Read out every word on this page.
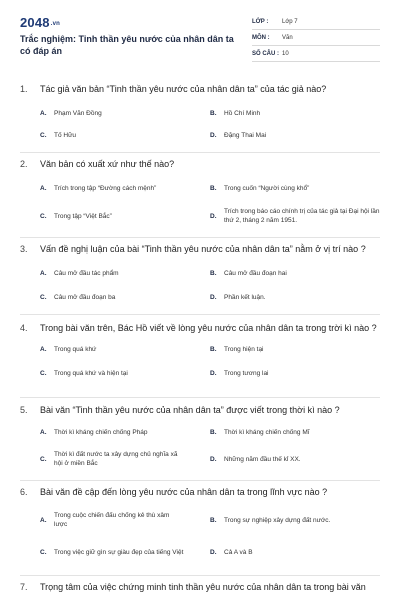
2048.vn
Trắc nghiệm: Tinh thần yêu nước của nhân dân ta có đáp án
LỚP :	Lớp 7
MÔN :	Văn
SỐ CÂU : 10
1.	Tác giả văn bản “Tinh thần yêu nước của nhân dân ta” của tác giả nào?
A.	Phạm Văn Đồng	B.	Hồ Chí Minh
C.	Tố Hữu	D.	Đặng Thai Mai
2.	Văn bản có xuất xứ như thế nào?
A.	Trích trong tập “Đường cách mệnh”	B.	Trong cuốn “Người cùng khổ”
C.	Trong tập “Việt Bắc”	D.
Trích trong báo cáo chính trị của tác giả tại Đại hội lần thứ 2, tháng 2 năm 1951.
3.	Vấn đề nghị luận của bài “Tinh thần yêu nước của nhân dân ta” nằm ở vị trí nào ?
A.	Câu mở đầu tác phẩm	B.	Câu mở đầu đoạn hai
C.	Câu mở đầu đoạn ba	D.	Phần kết luận.
4.	Trong bài văn trên, Bác Hồ viết về lòng yêu nước của nhân dân ta trong trời kì nào ?
A.	Trong quá khứ	B.	Trong hiện tại
C.	Trong quá khứ và hiện tại	D.	Trong tương lai
5.	Bài văn “Tinh thần yêu nước của nhân dân ta” được viết trong thời kì nào ?
A.	Thời kì kháng chiến chống Pháp	B.	Thời kì kháng chiến chống Mĩ
C.
Thời kì đất nước ta xây dựng chủ nghĩa xã hội ở miền Bắc
D.	Những năm đầu thế kỉ XX.
6.	Bài văn đề cập đến lòng yêu nước của nhân dân ta trong lĩnh vực nào ?
A.
Trong cuộc chiến đấu chống kẻ thù xâm lược
B.	Trong sự nghiệp xây dựng đất nước.
C.	Trong việc giữ gìn sự giàu đẹp của tiếng Việt	D.	Cả A và B
7.	Trọng tâm của việc chứng minh tinh thần yêu nước của nhân dân ta trong bài văn
